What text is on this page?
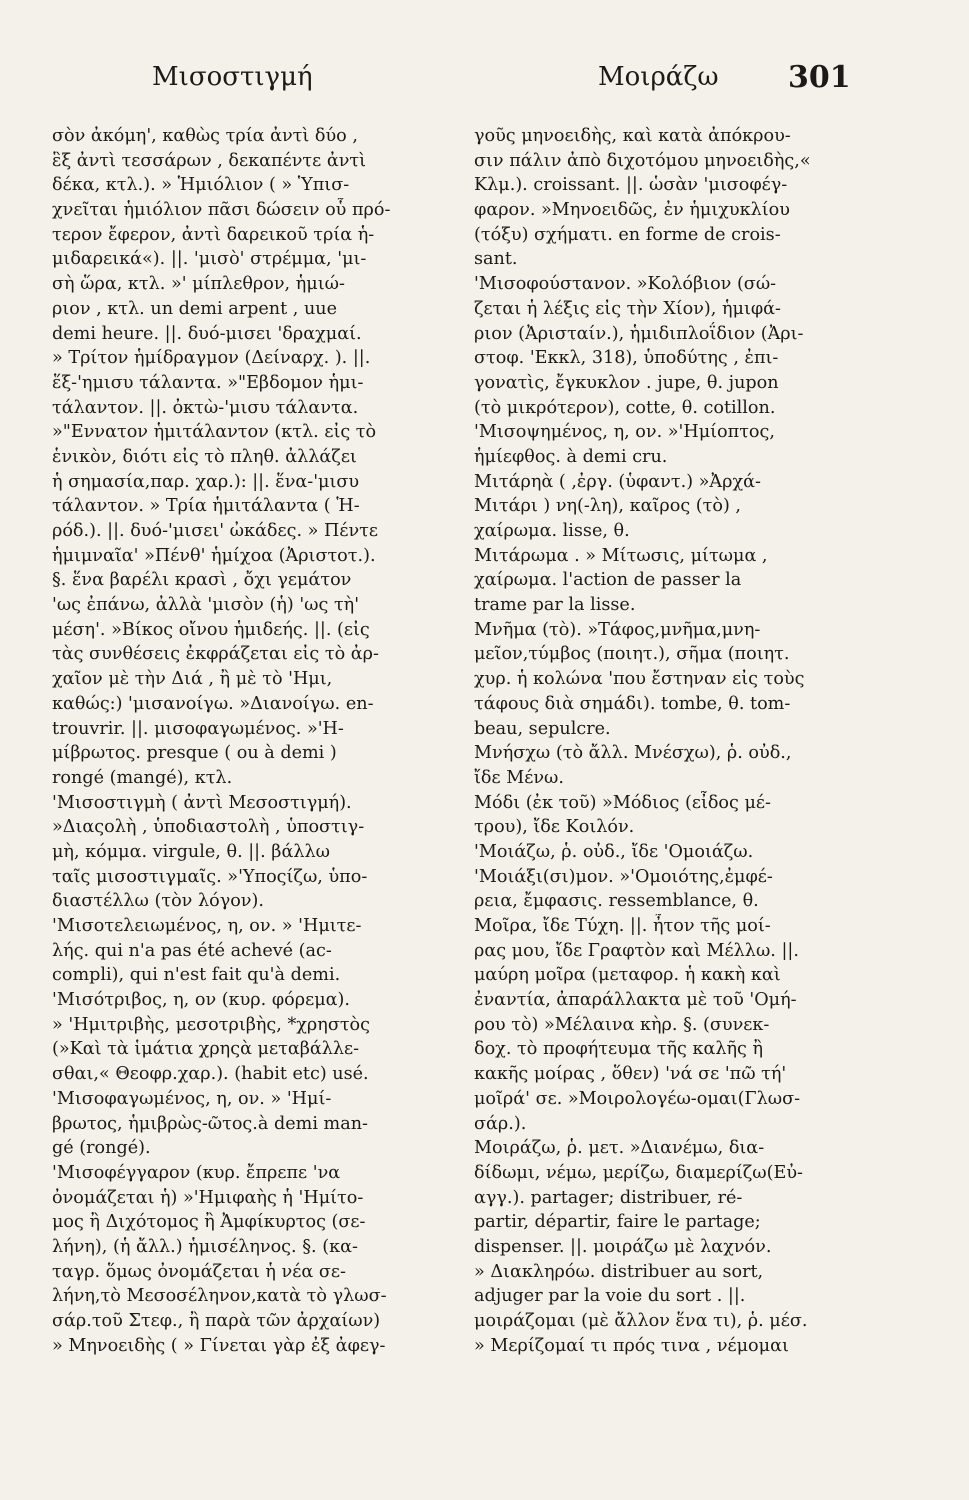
Μισοστιγμή	Μοιράζω 301
σὸν ἀκόμη', καθὼς τρία ἀντὶ δύο ,
ἓξ ἀντὶ τεσσάρων , δεκαπέντε ἀντὶ
δέκα, κτλ.). » Ἡμιόλιον ( » Ὑπισ-
χνεῖται ἡμιόλιον πᾶσι δώσειν οὗ πρό-
τερον ἔφερον, ἀντὶ δαρεικοῦ τρία ἡ-
μιδαρεικά«). ||. 'μισὸ' στρέμμα, 'μι-
σὴ ὥρα, κτλ. »' μίπλεθρον, ἡμιώ-
ριον , κτλ. un demi arpent , uue
demi heure. ||. δυό-μισει 'δραχμαί.
» Τρίτον ἡμίδραγμον (Δείναρχ. ). ||.
ἕξ-'ημισυ τάλαντα. »"Εβδομον ἡμι-
τάλαντον. ||. ὀκτὼ-'μισυ τάλαντα.
»"Εννατον ἡμιτάλαντον (κτλ. εἰς τὸ
ἑνικὸν, διότι εἰς τὸ πληθ. ἀλλάζει
ἡ σημασία,παρ. χαρ.): ||. ἕνα-'μισυ
τάλαντον. » Τρία ἡμιτάλαντα ( Ἡ-
ρόδ.). ||. δυό-'μισει' ὠκάδες. » Πέντε
ἡμιμναῖα' »Πένθ' ἡμίχοα (Ἀριστοτ.).
§. ἕνα βαρέλι κρασὶ , ὄχι γεμάτον
'ως ἐπάνω, ἀλλὰ 'μισὸν (ἡ) 'ως τὴ'
μέση'. »Βίκος οἴνου ἡμιδεής. ||. (εἰς
τὰς συνθέσεις ἐκφράζεται εἰς τὸ ἀρ-
χαῖον μὲ τὴν Διά , ἢ μὲ τὸ 'Ημι,
καθώς:) 'μισανοίγω. »Διανοίγω. en-
trouvrir. ||. μισοφαγωμένος. »'Η-
μίβρωτος. presque ( ou à demi )
rongé (mangé), κτλ.
'Μισοστιγμὴ ( ἀντὶ Μεσοστιγμή).
»Διαςολὴ , ὑποδιαστολὴ , ὑποστιγ-
μὴ, κόμμα. virgule, θ. ||. βάλλω
ταῖς μισοστιγμαῖς. »'Υποςίζω, ὑπο-
διαστέλλω (τὸν λόγον).
'Μισοτελειωμένος, η, ον. » 'Ημιτε-
λής. qui n'a pas été achevé (ac-
compli), qui n'est fait qu'à demi.
'Μισότριβος, η, ον (κυρ. φόρεμα).
» 'Ημιτριβὴς, μεσοτριβὴς, *χρηστὸς
(»Καὶ τὰ ἱμάτια χρηςὰ μεταβάλλε-
σθαι,« Θεοφρ.χαρ.). (habit etc) usé.
'Μισοφαγωμένος, η, ον. » 'Ημί-
βρωτος, ἡμιβρὼς-ῶτος.à demi man-
gé (rongé).
'Μισοφέγγαρον (κυρ. ἔπρεπε 'να
ὀνομάζεται ἡ) »'Ημιφαὴς ἡ 'Ημίτο-
μος ἢ Διχότομος ἢ Ἀμφίκυρτος (σε-
λήνη), (ἡ ἄλλ.) ἡμισέληνος. §. (κα-
ταγρ. ὅμως ὀνομάζεται ἡ νέα σε-
λήνη,τὸ Μεσοσέληνον,κατὰ τὸ γλωσ-
σάρ.τοῦ Στεφ., ἢ παρὰ τῶν ἀρχαίων)
» Μηνοειδὴς ( » Γίνεται γὰρ ἐξ ἀφεγ-
γοῦς μηνοειδὴς, καὶ κατὰ ἀπόκρου-
σιν πάλιν ἀπὸ διχοτόμου μηνοειδὴς,«
Κλμ.). croissant. ||. ὡσὰν 'μισοφέγ-
φαρον. »Μηνοειδῶς, ἐν ἡμιχυκλίου
(τόξυ) σχήματι. en forme de crois-
sant.
'Μισοφούστανον. »Κολόβιον (σώ-
ζεται ἡ λέξις εἰς τὴν Χίον), ἡμιφά-
ριον (Ἀρισταίν.), ἡμιδιπλοΐδιον (Ἀρι-
στοφ. 'Εκκλ, 318), ὑποδύτης , ἐπι-
γονατὶς, ἔγκυκλον . jupe, θ. jupon
(τὸ μικρότερον), cotte, θ. cotillon.
'Μισοψημένος, η, ον. »'Ημίοπτος,
ἡμίεφθος. à demi cru.
Μιτάρηὰ ( ,ἐργ. (ὑφαντ.) »Ἀρχά-
Μιτάρι ) νη(-λη), καῖρος (τὸ) ,
χαίρωμα. lisse, θ.
Μιτάρωμα . » Μίτωσις, μίτωμα ,
χαίρωμα. l'action de passer la
trame par la lisse.
Μνῆμα (τὸ). »Τάφος,μνῆμα,μνη-
μεῖον,τύμβος (ποιητ.), σῆμα (ποιητ.
χυρ. ἡ κολώνα 'που ἔστηναν εἰς τοὺς
τάφους διὰ σημάδι). tombe, θ. tom-
beau, sepulcre.
Μνήσχω (τὸ ἄλλ. Μνέσχω), ῥ. οὐδ.,
ἴδε Μένω.
Μόδι (ἐκ τοῦ) »Μόδιος (εἶδος μέ-
τρου), ἴδε Κοιλόν.
'Μοιάζω, ῥ. οὐδ., ἴδε 'Ομοιάζω.
'Μοιάξι(σι)μον. »'Ομοιότης,ἐμφέ-
ρεια, ἔμφασις. ressemblance, θ.
Μοῖρα, ἴδε Τύχη. ||. ἦτον τῆς μοί-
ρας μου, ἴδε Γραφτὸν καὶ Μέλλω. ||.
μαύρη μοῖρα (μεταφορ. ἡ κακὴ καὶ
ἐναντία, ἀπαράλλακτα μὲ τοῦ 'Ομή-
ρου τὸ) »Μέλαινα κὴρ. §. (συνεκ-
δοχ. τὸ προφήτευμα τῆς καλῆς ἢ
κακῆς μοίρας , ὅθεν) 'νά σε 'πῶ τή'
μοῖρά' σε. »Μοιρολογέω-ομαι(Γλωσ-
σάρ.).
Μοιράζω, ῥ. μετ. »Διανέμω, δια-
δίδωμι, νέμω, μερίζω, διαμερίζω(Εὐ-
αγγ.). partager; distribuer, ré-
partir, départir, faire le partage;
dispenser. ||. μοιράζω μὲ λαχνόν.
» Διακληρόω. distribuer au sort,
adjuger par la voie du sort . ||.
μοιράζομαι (μὲ ἄλλον ἕνα τι), ῥ. μέσ.
» Μερίζομαί τι πρός τινα , νέμομαι
